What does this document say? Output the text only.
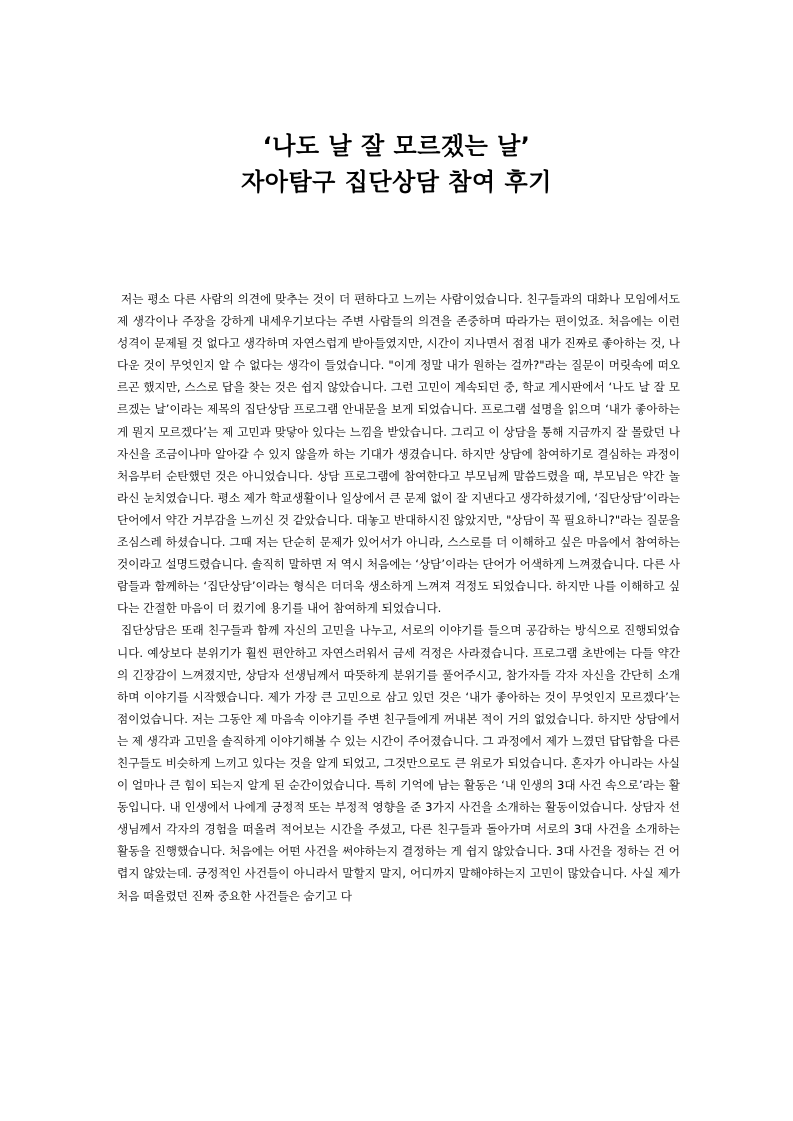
‘나도 날 잘 모르겠는 날’

자아탐구 집단상담 참여 후기

저는 평소 다른 사람의 의견에 맞추는 것이 더 편하다고 느끼는 사람이었습니다. 친구들과의 대화나 모임에서도 제 생각이나 주장을 강하게 내세우기보다는 주변 사람들의 의견을 존중하며 따라가는 편이었죠. 처음에는 이런 성격이 문제될 것 없다고 생각하며 자연스럽게 받아들였지만, 시간이 지나면서 점점 내가 진짜로 좋아하는 것, 나다운 것이 무엇인지 알 수 없다는 생각이 들었습니다. "이게 정말 내가 원하는 걸까?"라는 질문이 머릿속에 떠오르곤 했지만, 스스로 답을 찾는 것은 쉽지 않았습니다. 그런 고민이 계속되던 중, 학교 게시판에서 ‘나도 날 잘 모르겠는 날’이라는 제목의 집단상담 프로그램 안내문을 보게 되었습니다. 프로그램 설명을 읽으며 ‘내가 좋아하는 게 뭔지 모르겠다’는 제 고민과 맞닿아 있다는 느낌을 받았습니다. 그리고 이 상담을 통해 지금까지 잘 몰랐던 나 자신을 조금이나마 알아갈 수 있지 않을까 하는 기대가 생겼습니다. 하지만 상담에 참여하기로 결심하는 과정이 처음부터 순탄했던 것은 아니었습니다. 상담 프로그램에 참여한다고 부모님께 말씀드렸을 때, 부모님은 약간 놀라신 눈치였습니다. 평소 제가 학교생활이나 일상에서 큰 문제 없이 잘 지낸다고 생각하셨기에, ‘집단상담’이라는 단어에서 약간 거부감을 느끼신 것 같았습니다. 대놓고 반대하시진 않았지만, "상담이 꼭 필요하니?"라는 질문을 조심스레 하셨습니다. 그때 저는 단순히 문제가 있어서가 아니라, 스스로를 더 이해하고 싶은 마음에서 참여하는 것이라고 설명드렸습니다. 솔직히 말하면 저 역시 처음에는 ‘상담’이라는 단어가 어색하게 느껴졌습니다. 다른 사람들과 함께하는 ‘집단상담’이라는 형식은 더더욱 생소하게 느껴져 걱정도 되었습니다. 하지만 나를 이해하고 싶다는 간절한 마음이 더 컸기에 용기를 내어 참여하게 되었습니다.

집단상담은 또래 친구들과 함께 자신의 고민을 나누고, 서로의 이야기를 들으며 공감하는 방식으로 진행되었습니다. 예상보다 분위기가 훨씬 편안하고 자연스러워서 금세 걱정은 사라졌습니다. 프로그램 초반에는 다들 약간의 긴장감이 느껴졌지만, 상담자 선생님께서 따뜻하게 분위기를 풀어주시고, 참가자들 각자 자신을 간단히 소개하며 이야기를 시작했습니다. 제가 가장 큰 고민으로 삼고 있던 것은 ‘내가 좋아하는 것이 무엇인지 모르겠다’는 점이었습니다. 저는 그동안 제 마음속 이야기를 주변 친구들에게 꺼내본 적이 거의 없었습니다. 하지만 상담에서는 제 생각과 고민을 솔직하게 이야기해볼 수 있는 시간이 주어졌습니다. 그 과정에서 제가 느꼈던 답답함을 다른 친구들도 비슷하게 느끼고 있다는 것을 알게 되었고, 그것만으로도 큰 위로가 되었습니다. 혼자가 아니라는 사실이 얼마나 큰 힘이 되는지 알게 된 순간이었습니다. 특히 기억에 남는 활동은 ‘내 인생의 3대 사건 속으로’라는 활동입니다. 내 인생에서 나에게 긍정적 또는 부정적 영향을 준 3가지 사건을 소개하는 활동이었습니다. 상담자 선생님께서 각자의 경험을 떠올려 적어보는 시간을 주셨고, 다른 친구들과 돌아가며 서로의 3대 사건을 소개하는 활동을 진행했습니다. 처음에는 어떤 사건을 써야하는지 결정하는 게 쉽지 않았습니다. 3대 사건을 정하는 건 어렵지 않았는데. 긍정적인 사건들이 아니라서 말할지 말지, 어디까지 말해야하는지 고민이 많았습니다. 사실 제가 처음 떠올렸던 진짜 중요한 사건들은 숨기고 다
